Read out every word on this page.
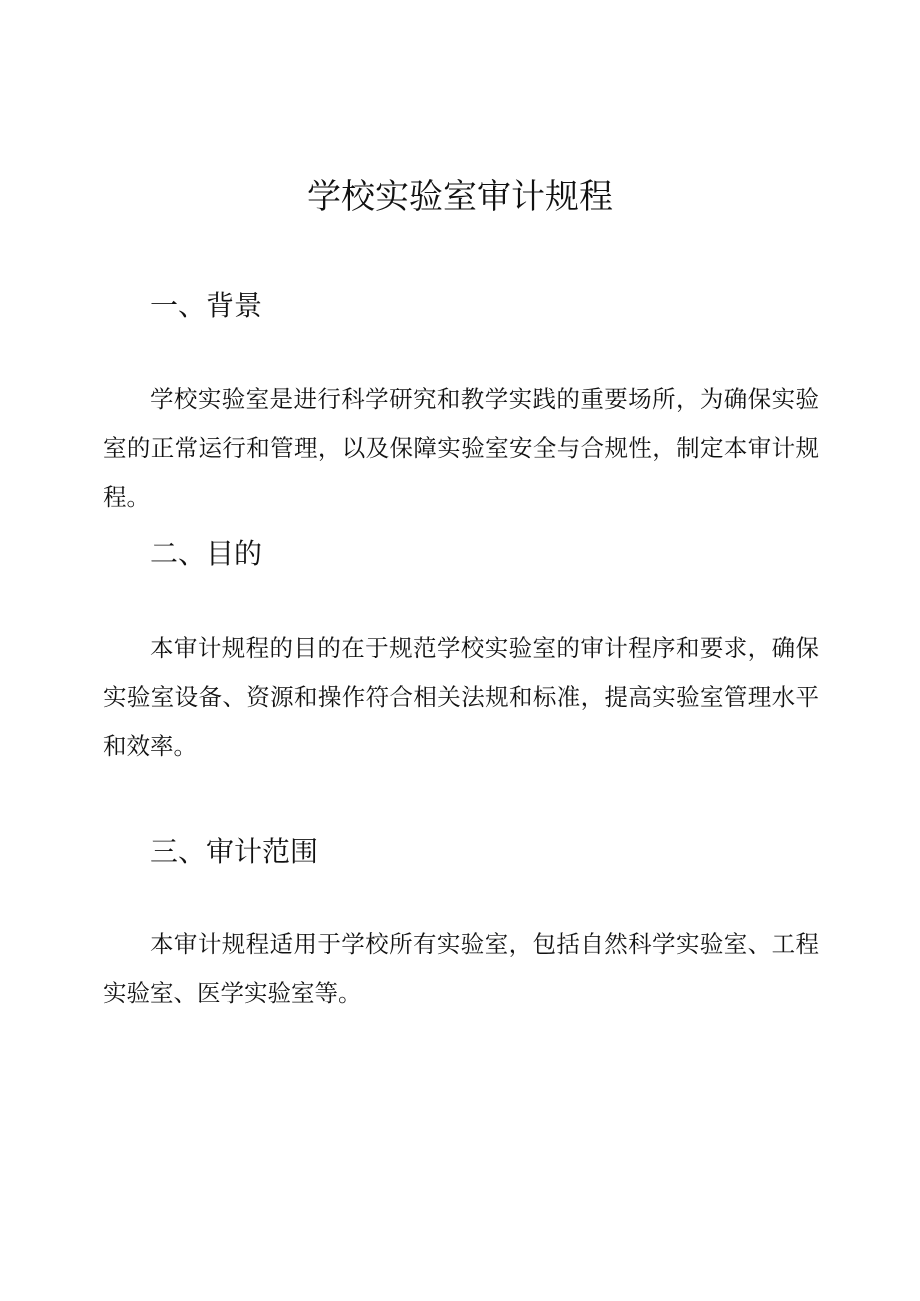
学校实验室审计规程
一、背景

学校实验室是进行科学研究和教学实践的重要场所，为确保实验室的正常运行和管理，以及保障实验室安全与合规性，制定本审计规程。

二、目的

本审计规程的目的在于规范学校实验室的审计程序和要求，确保实验室设备、资源和操作符合相关法规和标准，提高实验室管理水平和效率。

三、审计范围

本审计规程适用于学校所有实验室，包括自然科学实验室、工程实验室、医学实验室等。
